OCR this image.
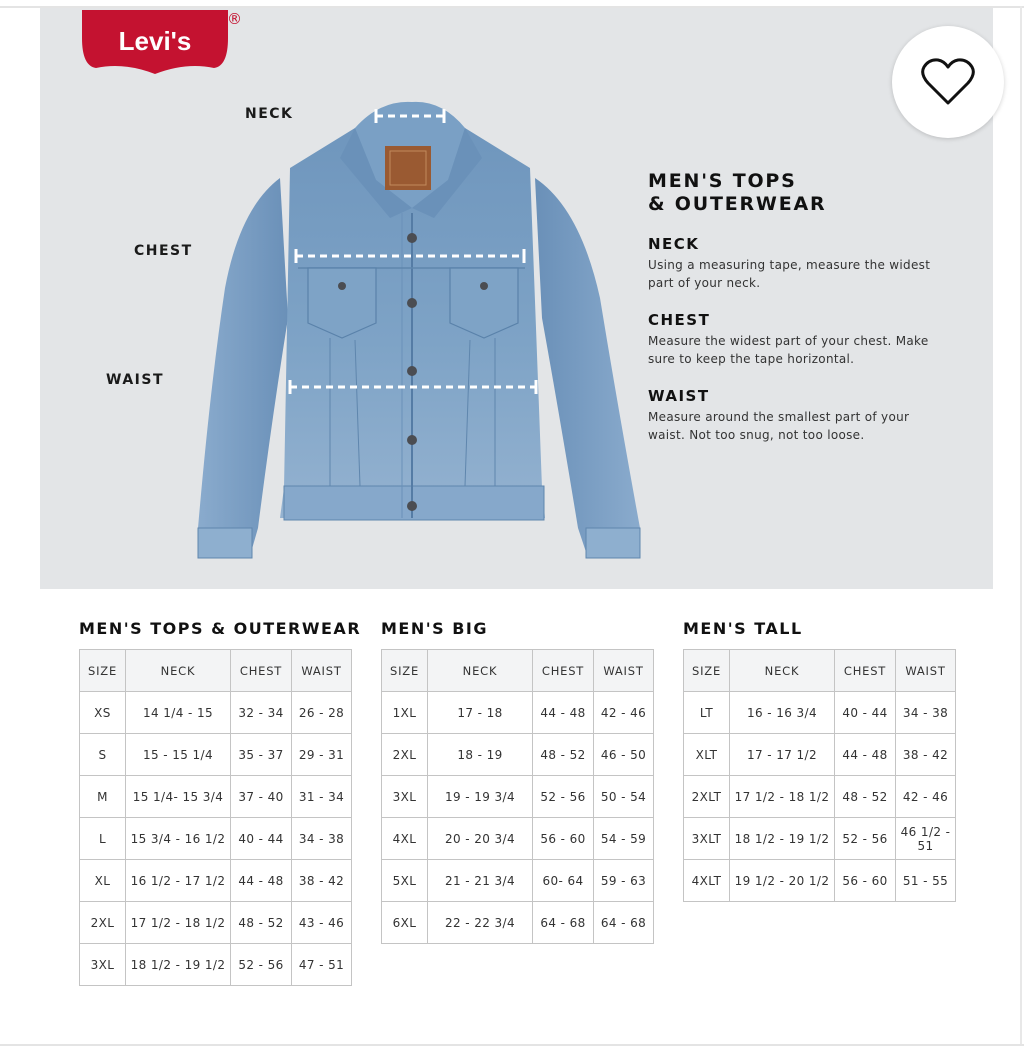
Levi's
®
NECK
CHEST
WAIST
MEN'S TOPS
& OUTERWEAR
NECK
Using a measuring tape, measure the widest part of your neck.
CHEST
Measure the widest part of your chest. Make sure to keep the tape horizontal.
WAIST
Measure around the smallest part of your waist. Not too snug, not too loose.
MEN'S TOPS & OUTERWEAR MEN'S BIG	MEN'S TALL
SIZE	NECK	CHEST	WAIST
XS	14 1/4 - 15	32 - 34	26 - 28
S	15 - 15 1/4	35 - 37	29 - 31
M	15 1/4- 15 3/4	37 - 40	31 - 34
L	15 3/4 - 16 1/2	40 - 44	34 - 38
XL	16 1/2 - 17 1/2	44 - 48	38 - 42
2XL	17 1/2 - 18 1/2	48 - 52	43 - 46
3XL	18 1/2 - 19 1/2	52 - 56	47 - 51
SIZE	NECK	CHEST	WAIST
1XL	17 - 18	44 - 48	42 - 46
2XL	18 - 19	48 - 52	46 - 50
3XL	19 - 19 3/4	52 - 56	50 - 54
4XL	20 - 20 3/4	56 - 60	54 - 59
5XL	21 - 21 3/4	60- 64	59 - 63
6XL	22 - 22 3/4	64 - 68	64 - 68
SIZE	NECK	CHEST	WAIST
LT	16 - 16 3/4	40 - 44	34 - 38
XLT	17 - 17 1/2	44 - 48	38 - 42
2XLT	17 1/2 - 18 1/2	48 - 52	42 - 46
3XLT	18 1/2 - 19 1/2	52 - 56	46 1/2 - 51
4XLT	19 1/2 - 20 1/2	56 - 60	51 - 55
